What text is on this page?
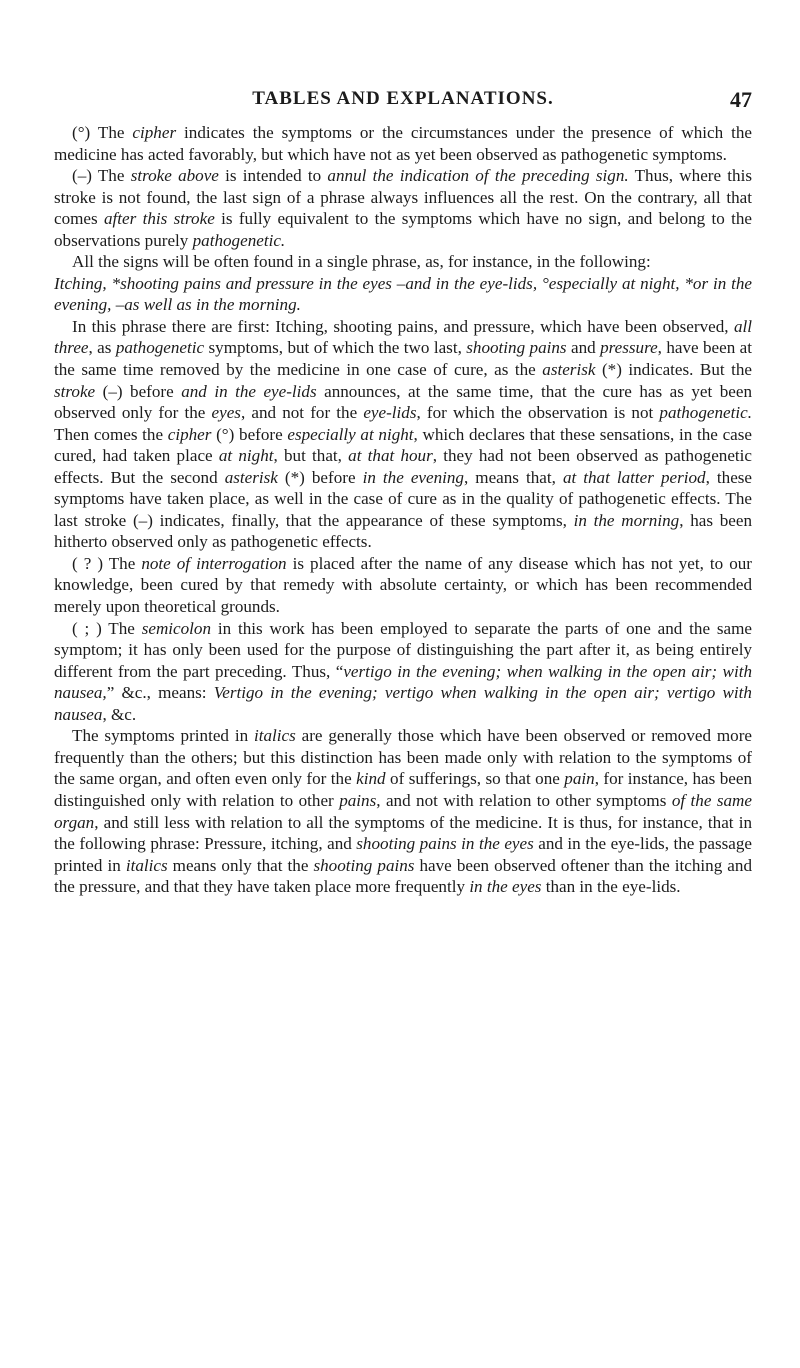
TABLES AND EXPLANATIONS.	47

(°) The cipher indicates the symptoms or the circumstances under the presence of which the medicine has acted favorably, but which have not as yet been observed as pathogenetic symptoms.

(–) The stroke above is intended to annul the indication of the preceding sign. Thus, where this stroke is not found, the last sign of a phrase always influences all the rest. On the contrary, all that comes after this stroke is fully equivalent to the symptoms which have no sign, and belong to the observations purely pathogenetic.

All the signs will be often found in a single phrase, as, for instance, in the following:

Itching, *shooting pains and pressure in the eyes –and in the eye-lids, °especially at night, *or in the evening, –as well as in the morning.

In this phrase there are first: Itching, shooting pains, and pressure, which have been observed, all three, as pathogenetic symptoms, but of which the two last, shooting pains and pressure, have been at the same time removed by the medicine in one case of cure, as the asterisk (*) indicates. But the stroke (–) before and in the eye-lids announces, at the same time, that the cure has as yet been observed only for the eyes, and not for the eye-lids, for which the observation is not pathogenetic. Then comes the cipher (°) before especially at night, which declares that these sensations, in the case cured, had taken place at night, but that, at that hour, they had not been observed as pathogenetic effects. But the second asterisk (*) before in the evening, means that, at that latter period, these symptoms have taken place, as well in the case of cure as in the quality of pathogenetic effects. The last stroke (–) indicates, finally, that the appearance of these symptoms, in the morning, has been hitherto observed only as pathogenetic effects.

( ? ) The note of interrogation is placed after the name of any disease which has not yet, to our knowledge, been cured by that remedy with absolute certainty, or which has been recommended merely upon theoretical grounds.

( ; ) The semicolon in this work has been employed to separate the parts of one and the same symptom; it has only been used for the purpose of distinguishing the part after it, as being entirely different from the part preceding. Thus, “vertigo in the evening; when walking in the open air; with nausea,” &c., means: Vertigo in the evening; vertigo when walking in the open air; vertigo with nausea, &c.

The symptoms printed in italics are generally those which have been observed or removed more frequently than the others; but this distinction has been made only with relation to the symptoms of the same organ, and often even only for the kind of sufferings, so that one pain, for instance, has been distinguished only with relation to other pains, and not with relation to other symptoms of the same organ, and still less with relation to all the symptoms of the medicine. It is thus, for instance, that in the following phrase: Pressure, itching, and shooting pains in the eyes and in the eye-lids, the passage printed in italics means only that the shooting pains have been observed oftener than the itching and the pressure, and that they have taken place more frequently in the eyes than in the eye-lids.
